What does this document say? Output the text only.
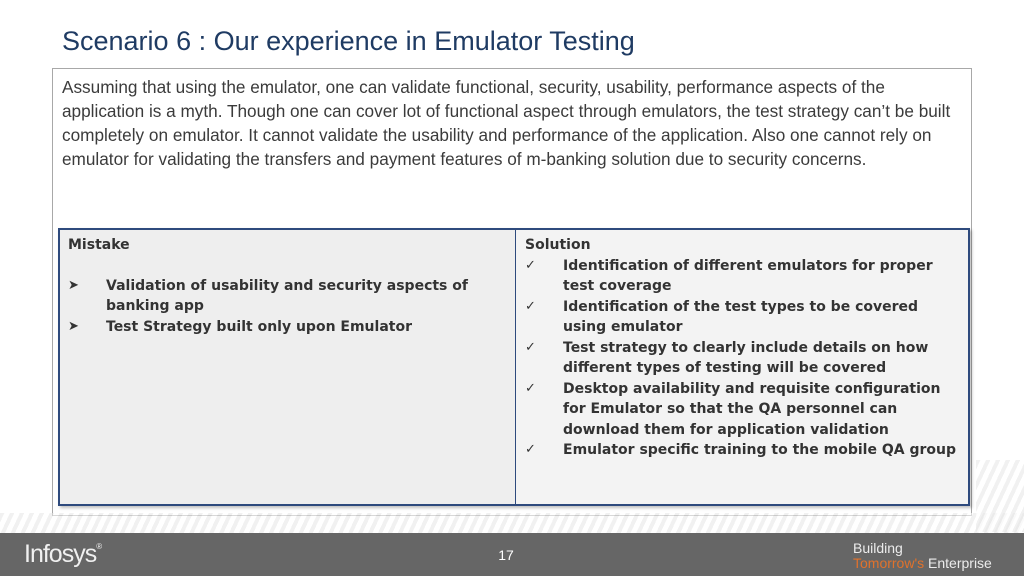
Scenario 6 : Our experience in Emulator Testing
Assuming that using the emulator, one can validate functional, security, usability, performance aspects of the application is a myth. Though one can cover lot of functional aspect through emulators, the test strategy can’t be built completely on emulator. It cannot validate the usability and performance of the application. Also one cannot rely on emulator for validating the transfers and payment features of m-banking solution due to security concerns.
Mistake
➤	Validation of usability and security aspects of banking app
➤	Test Strategy built only upon Emulator
Solution
✓	Identification of different emulators for proper test coverage
✓	Identification of the test types to be covered using emulator
✓	Test strategy to clearly include details on how different types of testing will be covered
✓	Desktop availability and requisite configuration for Emulator so that the QA personnel can download them for application validation
✓	Emulator specific training to the mobile QA group
Infosys®
17	Building
Tomorrow's Enterprise
